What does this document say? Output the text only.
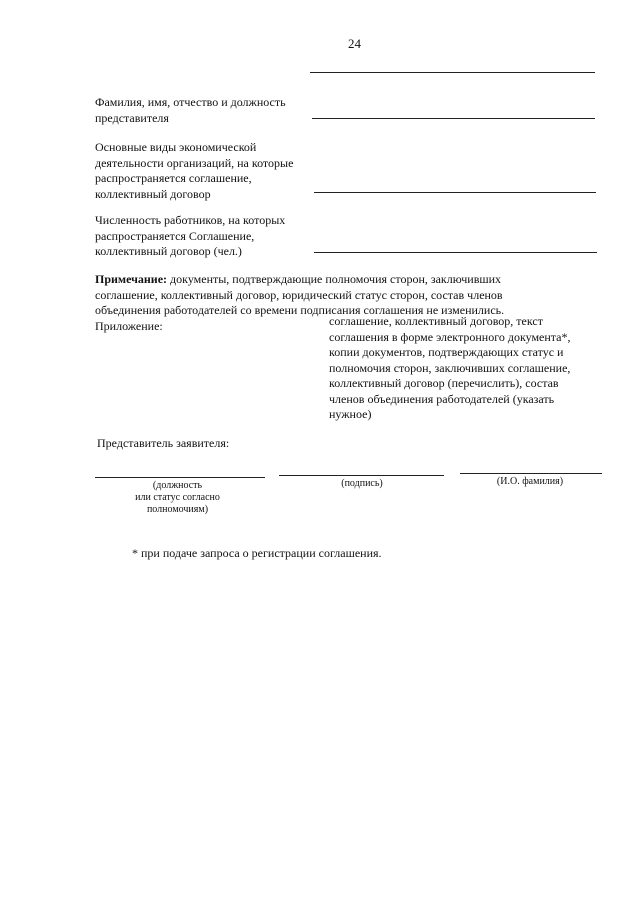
24
Фамилия, имя, отчество и должность
представителя
Основные виды экономической
деятельности организаций, на которые
распространяется соглашение,
коллективный договор
Численность работников, на которых
распространяется Соглашение,
коллективный договор (чел.)
Примечание: документы, подтверждающие полномочия сторон, заключивших
соглашение, коллективный договор, юридический статус сторон, состав членов
объединения работодателей со времени подписания соглашения не изменились.
Приложение:	соглашение, коллективный договор, текст
соглашения в форме электронного документа*,
копии документов, подтверждающих статус и
полномочия сторон, заключивших соглашение,
коллективный договор (перечислить), состав
членов объединения работодателей (указать
нужное)
Представитель заявителя:
(должность
или статус согласно
полномочиям)
(подпись)	(И.О. фамилия)
* при подаче запроса о регистрации соглашения.
